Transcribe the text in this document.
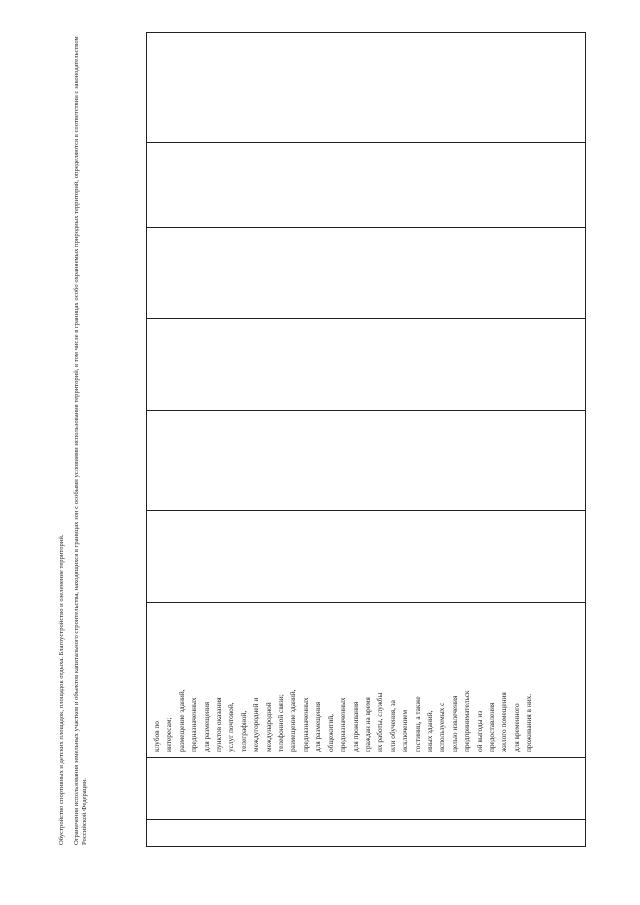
клубов по интересам; размещение зданий, предназначенных для размещения пунктов оказания услуг почтовой, телеграфной, междугородней и международной телефонной связи; размещение зданий, предназначенных для размещения общежитий, предназначенных для проживания граждан на время их работы, службы или обучения, за исключением гостиниц, а также иных зданий, используемых с целью извлечения предпринимательск ой выгоды из предоставления жилого помещения для временного проживания в них.

Обустройство спортивных и детских площадок, площадок отдыха. Благоустройство и озеленение территорий. Ограничения использования земельных участков и объектов капитального строительства, находящихся в границах зон с особыми условиями использования территорий, в том числе в границах особо охраняемых природных территорий, определяются в соответствии с законодательством Российской Федерации.
